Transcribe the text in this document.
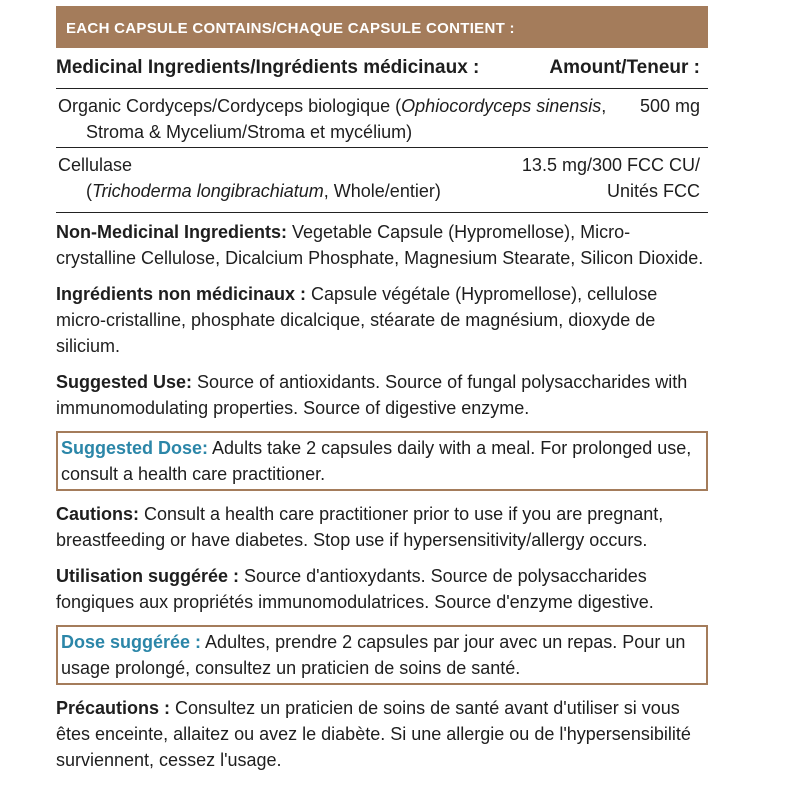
EACH CAPSULE CONTAINS/CHAQUE CAPSULE CONTIENT :
Medicinal Ingredients/Ingrédients médicinaux :	Amount/Teneur :
Organic Cordyceps/Cordyceps biologique (Ophiocordyceps sinensis,
Stroma & Mycelium/Stroma et mycélium)
500 mg
Cellulase
(Trichoderma longibrachiatum, Whole/entier)
13.5 mg/300 FCC CU/
Unités FCC

Non-Medicinal Ingredients: Vegetable Capsule (Hypromellose), Micro-crystalline Cellulose, Dicalcium Phosphate, Magnesium Stearate, Silicon Dioxide.

Ingrédients non médicinaux : Capsule végétale (Hypromellose), cellulose micro-cristalline, phosphate dicalcique, stéarate de magnésium, dioxyde de silicium.

Suggested Use: Source of antioxidants. Source of fungal polysaccharides with immunomodulating properties. Source of digestive enzyme.

Suggested Dose: Adults take 2 capsules daily with a meal. For prolonged use, consult a health care practitioner.

Cautions: Consult a health care practitioner prior to use if you are pregnant, breastfeeding or have diabetes. Stop use if hypersensitivity/allergy occurs.

Utilisation suggérée : Source d'antioxydants. Source de polysaccharides fongiques aux propriétés immunomodulatrices. Source d'enzyme digestive.

Dose suggérée : Adultes, prendre 2 capsules par jour avec un repas. Pour un usage prolongé, consultez un praticien de soins de santé.

Précautions : Consultez un praticien de soins de santé avant d'utiliser si vous êtes enceinte, allaitez ou avez le diabète. Si une allergie ou de l'hypersensibilité surviennent, cessez l'usage.
